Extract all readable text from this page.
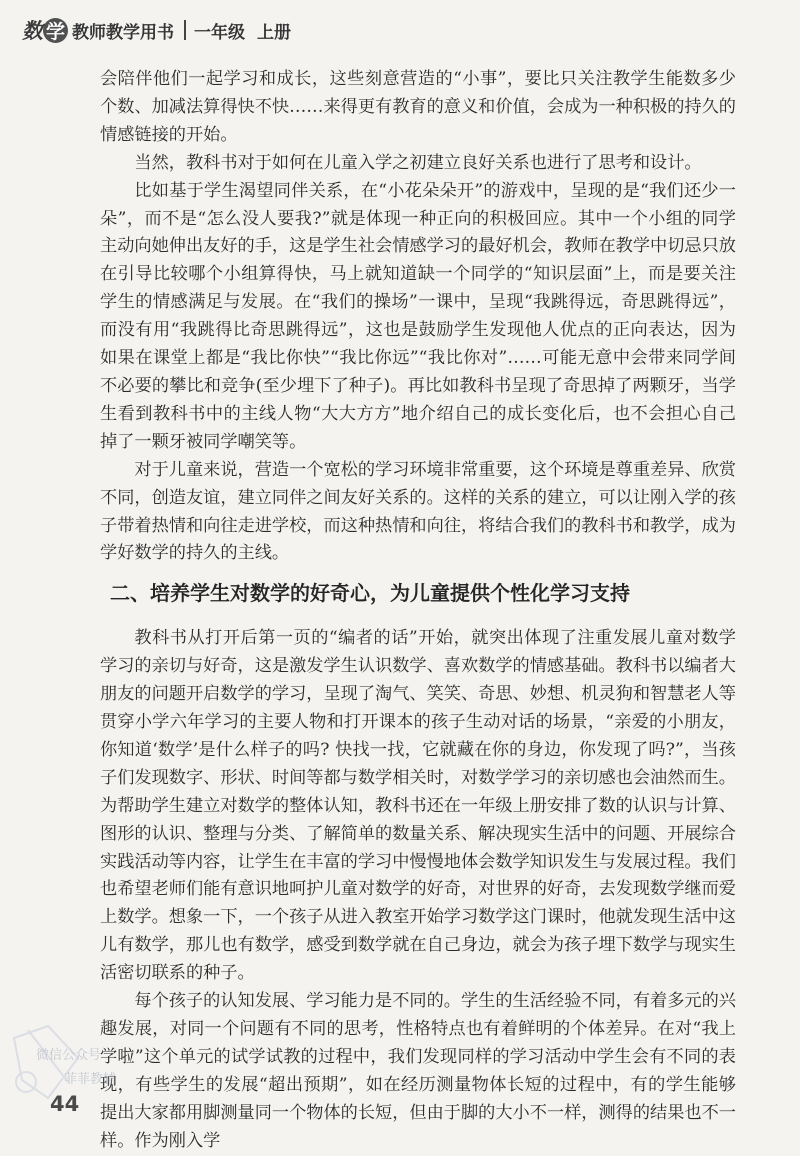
数 学 教师教学用书 一年级 上册

会陪伴他们一起学习和成长，这些刻意营造的“小事”，要比只关注教学生能数多少个数、加减法算得快不快……来得更有教育的意义和价值，会成为一种积极的持久的情感链接的开始。

当然，教科书对于如何在儿童入学之初建立良好关系也进行了思考和设计。

比如基于学生渴望同伴关系，在“小花朵朵开”的游戏中，呈现的是“我们还少一朵”，而不是“怎么没人要我?”就是体现一种正向的积极回应。其中一个小组的同学主动向她伸出友好的手，这是学生社会情感学习的最好机会，教师在教学中切忌只放在引导比较哪个小组算得快，马上就知道缺一个同学的“知识层面”上，而是要关注学生的情感满足与发展。在“我们的操场”一课中，呈现“我跳得远，奇思跳得远”，而没有用“我跳得比奇思跳得远”，这也是鼓励学生发现他人优点的正向表达，因为如果在课堂上都是“我比你快”“我比你远”“我比你对”……可能无意中会带来同学间不必要的攀比和竞争(至少埋下了种子)。再比如教科书呈现了奇思掉了两颗牙，当学生看到教科书中的主线人物“大大方方”地介绍自己的成长变化后，也不会担心自己掉了一颗牙被同学嘲笑等。

对于儿童来说，营造一个宽松的学习环境非常重要，这个环境是尊重差异、欣赏不同，创造友谊，建立同伴之间友好关系的。这样的关系的建立，可以让刚入学的孩子带着热情和向往走进学校，而这种热情和向往，将结合我们的教科书和教学，成为学好数学的持久的主线。

二、培养学生对数学的好奇心，为儿童提供个性化学习支持

教科书从打开后第一页的“编者的话”开始，就突出体现了注重发展儿童对数学学习的亲切与好奇，这是激发学生认识数学、喜欢数学的情感基础。教科书以编者大朋友的问题开启数学的学习，呈现了淘气、笑笑、奇思、妙想、机灵狗和智慧老人等贯穿小学六年学习的主要人物和打开课本的孩子生动对话的场景，“亲爱的小朋友，你知道‘数学’是什么样子的吗? 快找一找，它就藏在你的身边，你发现了吗?”，当孩子们发现数字、形状、时间等都与数学相关时，对数学学习的亲切感也会油然而生。为帮助学生建立对数学的整体认知，教科书还在一年级上册安排了数的认识与计算、图形的认识、整理与分类、了解简单的数量关系、解决现实生活中的问题、开展综合实践活动等内容，让学生在丰富的学习中慢慢地体会数学知识发生与发展过程。我们也希望老师们能有意识地呵护儿童对数学的好奇，对世界的好奇，去发现数学继而爱上数学。想象一下，一个孩子从进入教室开始学习数学这门课时，他就发现生活中这儿有数学，那儿也有数学，感受到数学就在自己身边，就会为孩子埋下数学与现实生活密切联系的种子。

每个孩子的认知发展、学习能力是不同的。学生的生活经验不同，有着多元的兴趣发展，对同一个问题有不同的思考，性格特点也有着鲜明的个体差异。在对“我上学啦”这个单元的试学试教的过程中，我们发现同样的学习活动中学生会有不同的表现，有些学生的发展“超出预期”，如在经历测量物体长短的过程中，有的学生能够提出大家都用脚测量同一个物体的长短，但由于脚的大小不一样，测得的结果也不一样。作为刚入学

微信公众号
菲菲教辅
44
